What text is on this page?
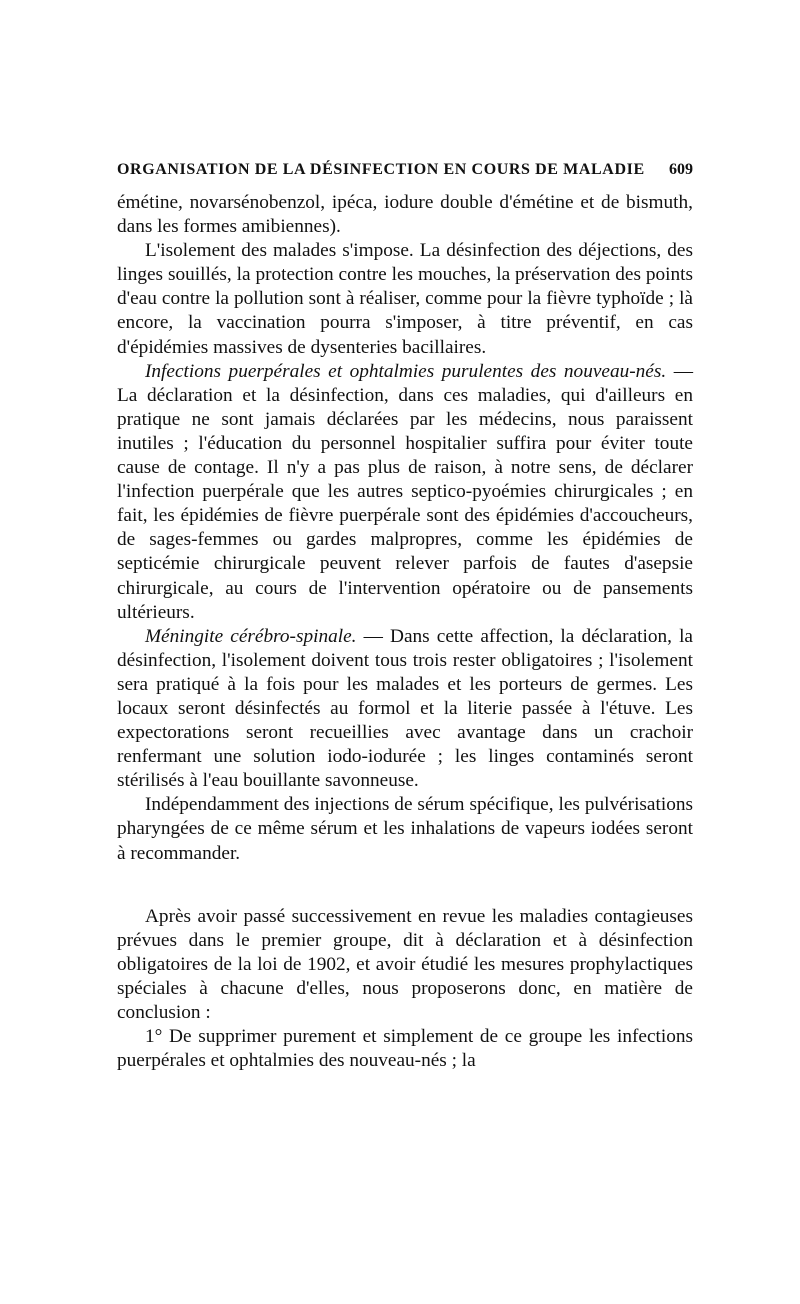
ORGANISATION DE LA DÉSINFECTION EN COURS DE MALADIE 609

émétine, novarsénobenzol, ipéca, iodure double d'émétine et de bismuth, dans les formes amibiennes).

L'isolement des malades s'impose. La désinfection des déjections, des linges souillés, la protection contre les mouches, la préservation des points d'eau contre la pollution sont à réaliser, comme pour la fièvre typhoïde ; là encore, la vaccination pourra s'imposer, à titre préventif, en cas d'épidémies massives de dysenteries bacillaires.

Infections puerpérales et ophtalmies purulentes des nouveau-nés. — La déclaration et la désinfection, dans ces maladies, qui d'ailleurs en pratique ne sont jamais déclarées par les médecins, nous paraissent inutiles ; l'éducation du personnel hospitalier suffira pour éviter toute cause de contage. Il n'y a pas plus de raison, à notre sens, de déclarer l'infection puerpérale que les autres septico-pyoémies chirurgicales ; en fait, les épidémies de fièvre puerpérale sont des épidémies d'accoucheurs, de sages-femmes ou gardes malpropres, comme les épidémies de septicémie chirurgicale peuvent relever parfois de fautes d'asepsie chirurgicale, au cours de l'intervention opératoire ou de pansements ultérieurs.

Méningite cérébro-spinale. — Dans cette affection, la déclaration, la désinfection, l'isolement doivent tous trois rester obligatoires ; l'isolement sera pratiqué à la fois pour les malades et les porteurs de germes. Les locaux seront désinfectés au formol et la literie passée à l'étuve. Les expectorations seront recueillies avec avantage dans un crachoir renfermant une solution iodo-iodurée ; les linges contaminés seront stérilisés à l'eau bouillante savonneuse.

Indépendamment des injections de sérum spécifique, les pulvérisations pharyngées de ce même sérum et les inhalations de vapeurs iodées seront à recommander.

Après avoir passé successivement en revue les maladies contagieuses prévues dans le premier groupe, dit à déclaration et à désinfection obligatoires de la loi de 1902, et avoir étudié les mesures prophylactiques spéciales à chacune d'elles, nous proposerons donc, en matière de conclusion :

1° De supprimer purement et simplement de ce groupe les infections puerpérales et ophtalmies des nouveau-nés ; la
